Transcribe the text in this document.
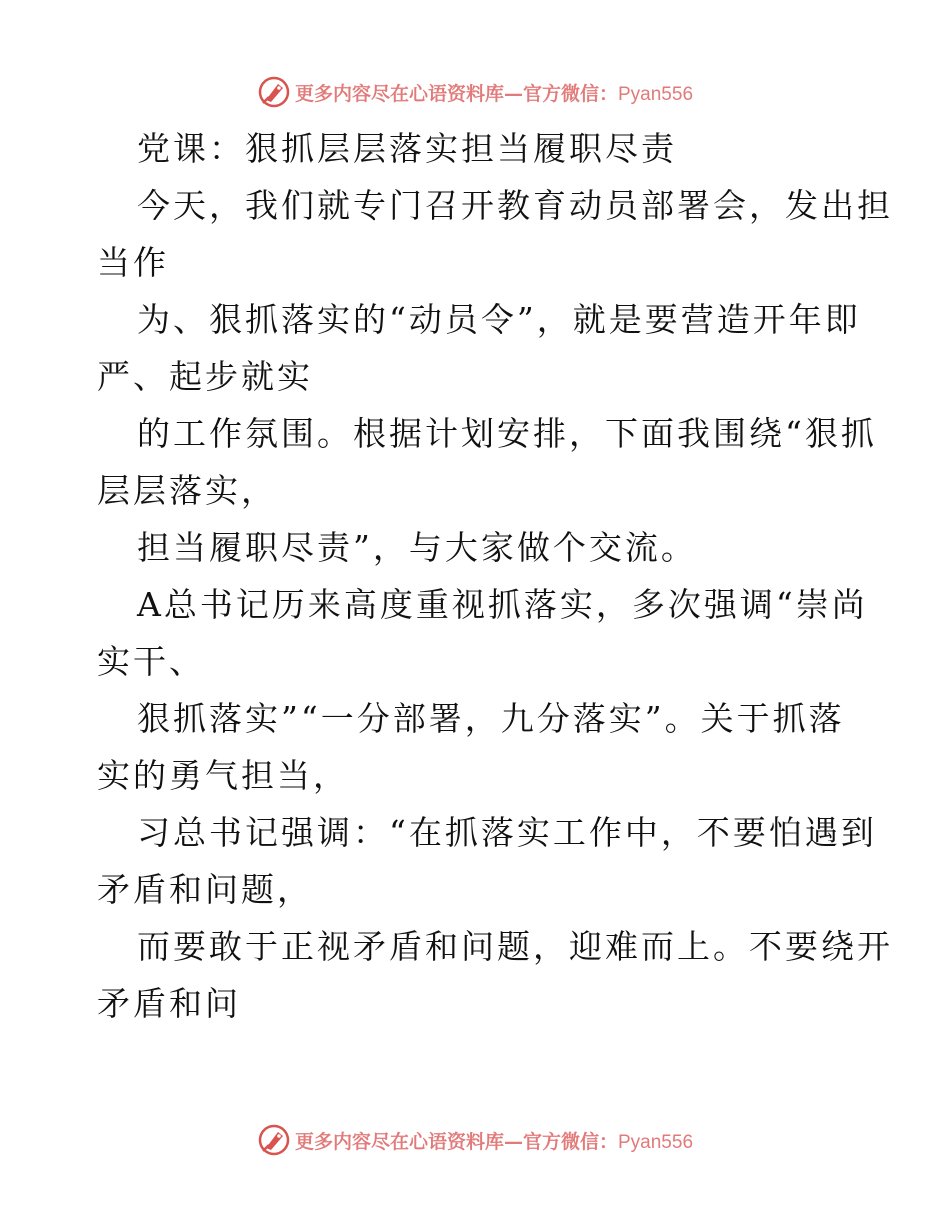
更多内容尽在心语资料库—官方微信：Pyan556
党课：狠抓层层落实担当履职尽责
今天，我们就专门召开教育动员部署会，发出担
当作
为、狠抓落实的“动员令”，就是要营造开年即
严、起步就实
的工作氛围。根据计划安排，下面我围绕“狠抓
层层落实，
担当履职尽责”，与大家做个交流。
A总书记历来高度重视抓落实，多次强调“崇尚
实干、
狠抓落实”“一分部署，九分落实”。关于抓落
实的勇气担当，
习总书记强调：“在抓落实工作中，不要怕遇到
矛盾和问题，
而要敢于正视矛盾和问题，迎难而上。不要绕开
矛盾和问
更多内容尽在心语资料库—官方微信：Pyan556
